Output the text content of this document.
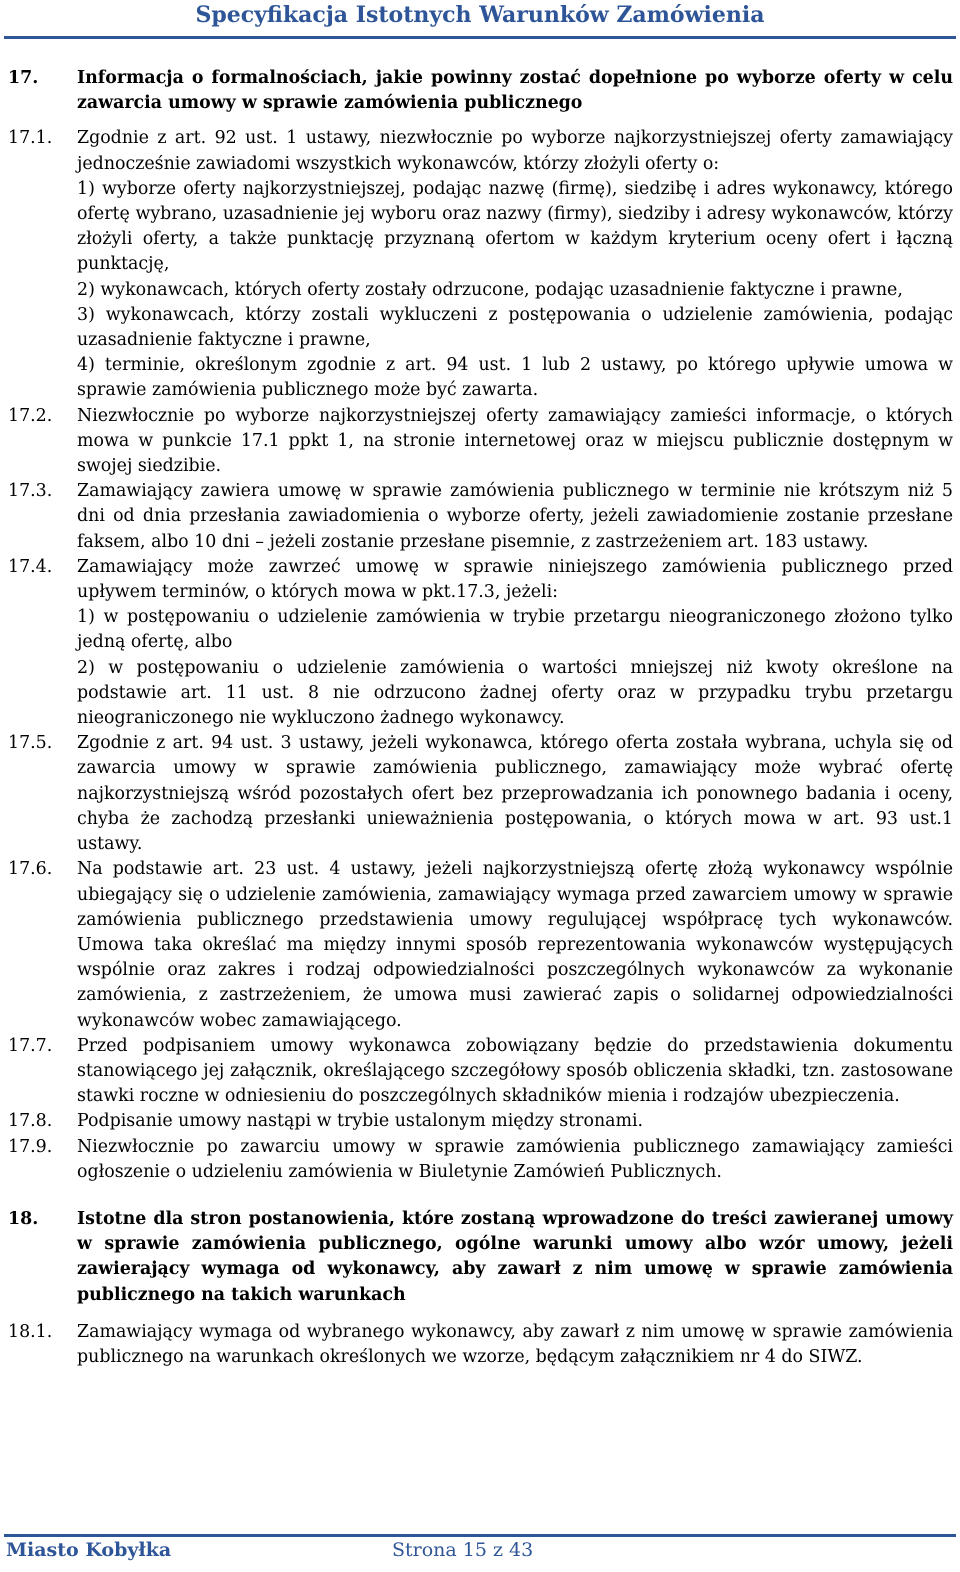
Specyfikacja Istotnych Warunków Zamówienia
17.	Informacja o formalnościach, jakie powinny zostać dopełnione po wyborze oferty w celu zawarcia umowy w sprawie zamówienia publicznego

17.1.	Zgodnie z art. 92 ust. 1 ustawy, niezwłocznie po wyborze najkorzystniejszej oferty zamawiający jednocześnie zawiadomi wszystkich wykonawców, którzy złożyli oferty o:

1) wyborze oferty najkorzystniejszej, podając nazwę (firmę), siedzibę i adres wykonawcy, którego ofertę wybrano, uzasadnienie jej wyboru oraz nazwy (firmy), siedziby i adresy wykonawców, którzy złożyli oferty, a także punktację przyznaną ofertom w każdym kryterium oceny ofert i łączną punktację,

2) wykonawcach, których oferty zostały odrzucone, podając uzasadnienie faktyczne i prawne,

3) wykonawcach, którzy zostali wykluczeni z postępowania o udzielenie zamówienia, podając uzasadnienie faktyczne i prawne,

4) terminie, określonym zgodnie z art. 94 ust. 1 lub 2 ustawy, po którego upływie umowa w sprawie zamówienia publicznego może być zawarta.

17.2.	Niezwłocznie po wyborze najkorzystniejszej oferty zamawiający zamieści informacje, o których mowa w punkcie 17.1 ppkt 1, na stronie internetowej oraz w miejscu publicznie dostępnym w swojej siedzibie.

17.3.	Zamawiający zawiera umowę w sprawie zamówienia publicznego w terminie nie krótszym niż 5 dni od dnia przesłania zawiadomienia o wyborze oferty, jeżeli zawiadomienie zostanie przesłane faksem, albo 10 dni – jeżeli zostanie przesłane pisemnie, z zastrzeżeniem art. 183 ustawy.

17.4.	Zamawiający może zawrzeć umowę w sprawie niniejszego zamówienia publicznego przed upływem terminów, o których mowa w pkt.17.3, jeżeli:

1) w postępowaniu o udzielenie zamówienia w trybie przetargu nieograniczonego złożono tylko jedną ofertę, albo

2) w postępowaniu o udzielenie zamówienia o wartości mniejszej niż kwoty określone na podstawie art. 11 ust. 8 nie odrzucono żadnej oferty oraz w przypadku trybu przetargu nieograniczonego nie wykluczono żadnego wykonawcy.

17.5.	Zgodnie z art. 94 ust. 3 ustawy, jeżeli wykonawca, którego oferta została wybrana, uchyla się od zawarcia umowy w sprawie zamówienia publicznego, zamawiający może wybrać ofertę najkorzystniejszą wśród pozostałych ofert bez przeprowadzania ich ponownego badania i oceny, chyba że zachodzą przesłanki unieważnienia postępowania, o których mowa w art. 93 ust.1 ustawy.

17.6.	Na podstawie art. 23 ust. 4 ustawy, jeżeli najkorzystniejszą ofertę złożą wykonawcy wspólnie ubiegający się o udzielenie zamówienia, zamawiający wymaga przed zawarciem umowy w sprawie zamówienia publicznego przedstawienia umowy regulującej współpracę tych wykonawców. Umowa taka określać ma między innymi sposób reprezentowania wykonawców występujących wspólnie oraz zakres i rodzaj odpowiedzialności poszczególnych wykonawców za wykonanie zamówienia, z zastrzeżeniem, że umowa musi zawierać zapis o solidarnej odpowiedzialności wykonawców wobec zamawiającego.

17.7.	Przed podpisaniem umowy wykonawca zobowiązany będzie do przedstawienia dokumentu stanowiącego jej załącznik, określającego szczegółowy sposób obliczenia składki, tzn. zastosowane stawki roczne w odniesieniu do poszczególnych składników mienia i rodzajów ubezpieczenia.

17.8.	Podpisanie umowy nastąpi w trybie ustalonym między stronami.

17.9.	Niezwłocznie po zawarciu umowy w sprawie zamówienia publicznego zamawiający zamieści ogłoszenie o udzieleniu zamówienia w Biuletynie Zamówień Publicznych.

18.	Istotne dla stron postanowienia, które zostaną wprowadzone do treści zawieranej umowy w sprawie zamówienia publicznego, ogólne warunki umowy albo wzór umowy, jeżeli zawierający wymaga od wykonawcy, aby zawarł z nim umowę w sprawie zamówienia publicznego na takich warunkach

18.1.	Zamawiający wymaga od wybranego wykonawcy, aby zawarł z nim umowę w sprawie zamówienia publicznego na warunkach określonych we wzorze, będącym załącznikiem nr 4 do SIWZ.

Miasto Kobyłka	Strona 15 z 43
